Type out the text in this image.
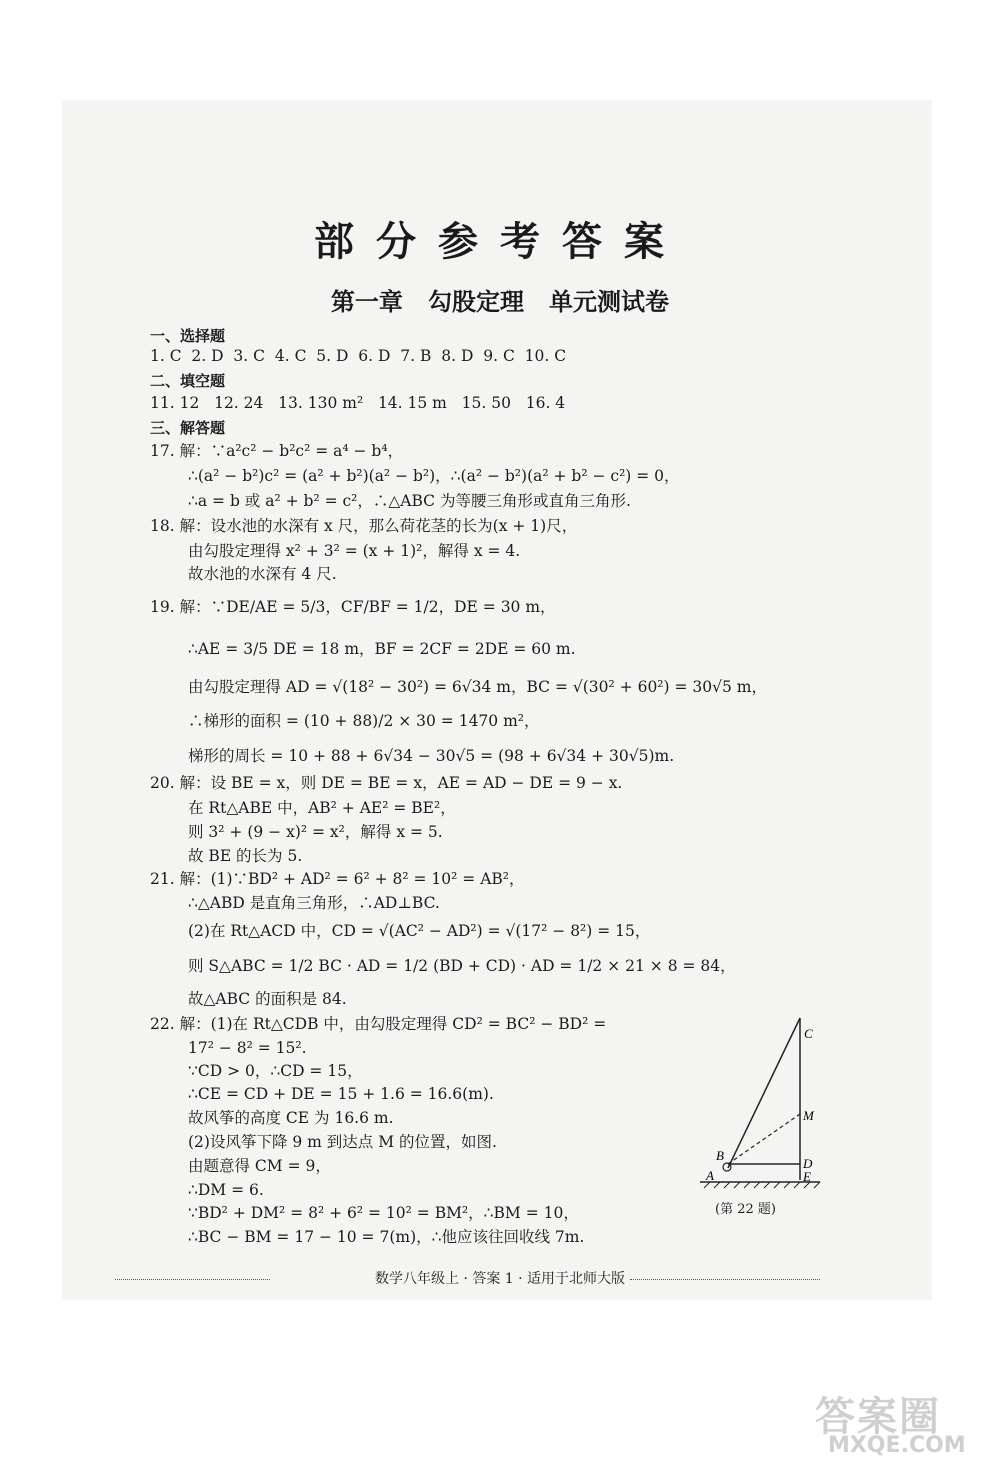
部分参考答案
第一章   勾股定理   单元测试卷
一、选择题
1. C  2. D  3. C  4. C  5. D  6. D  7. B  8. D  9. C  10. C
二、填空题
11. 12   12. 24   13. 130 m²   14. 15 m   15. 50   16. 4
三、解答题
17. 解：∵a²c² − b²c² = a⁴ − b⁴，
∴(a² − b²)c² = (a² + b²)(a² − b²)，∴(a² − b²)(a² + b² − c²) = 0，
∴a = b 或 a² + b² = c²，∴△ABC 为等腰三角形或直角三角形.
18. 解：设水池的水深有 x 尺，那么荷花茎的长为(x + 1)尺，
由勾股定理得 x² + 3² = (x + 1)²，解得 x = 4.
故水池的水深有 4 尺.
19. 解：∵DE/AE = 5/3，CF/BF = 1/2，DE = 30 m，
∴AE = 3/5 DE = 18 m，BF = 2CF = 2DE = 60 m.
由勾股定理得 AD = √(18² − 30²) = 6√34 m，BC = √(30² + 60²) = 30√5 m，
∴梯形的面积 = (10 + 88)/2 × 30 = 1470 m²，
梯形的周长 = 10 + 88 + 6√34 − 30√5 = (98 + 6√34 + 30√5)m.
20. 解：设 BE = x，则 DE = BE = x，AE = AD − DE = 9 − x.
在 Rt△ABE 中，AB² + AE² = BE²，
则 3² + (9 − x)² = x²，解得 x = 5.
故 BE 的长为 5.
21. 解：(1)∵BD² + AD² = 6² + 8² = 10² = AB²，
∴△ABD 是直角三角形，∴AD⊥BC.
(2)在 Rt△ACD 中，CD = √(AC² − AD²) = √(17² − 8²) = 15，
则 S△ABC = 1/2 BC · AD = 1/2 (BD + CD) · AD = 1/2 × 21 × 8 = 84，
故△ABC 的面积是 84.
22. 解：(1)在 Rt△CDB 中，由勾股定理得 CD² = BC² − BD² =
17² − 8² = 15².
∵CD > 0，∴CD = 15，
∴CE = CD + DE = 15 + 1.6 = 16.6(m).
故风筝的高度 CE 为 16.6 m.
(2)设风筝下降 9 m 到达点 M 的位置，如图.
由题意得 CM = 9，
∴DM = 6.
∵BD² + DM² = 8² + 6² = 10² = BM²，∴BM = 10，
∴BC − BM = 17 − 10 = 7(m)，∴他应该往回收线 7m.
C
M
B
D
A	E
(第 22 题)
数学八年级上 · 答案 1 · 适用于北师大版
答案圈
MXQE.COM
